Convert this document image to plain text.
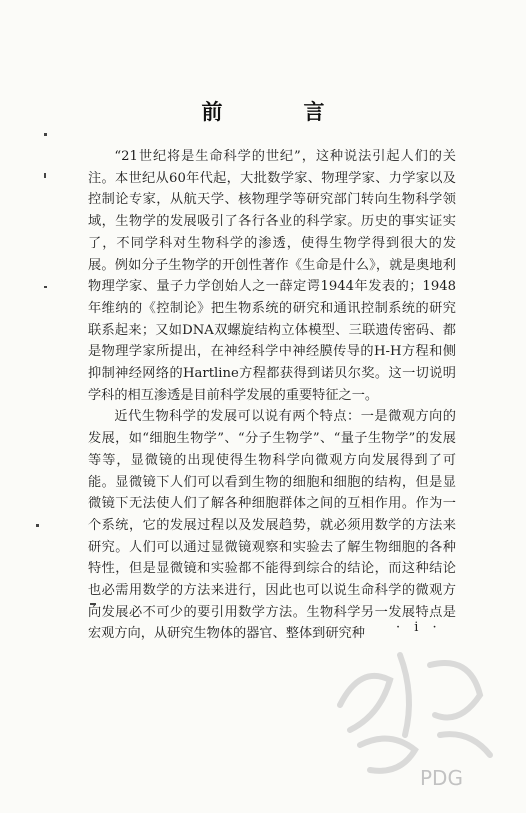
前　言

“21世纪将是生命科学的世纪”，这种说法引起人们的关注。本世纪从60年代起，大批数学家、物理学家、力学家以及控制论专家，从航天学、核物理学等研究部门转向生物科学领域，生物学的发展吸引了各行各业的科学家。历史的事实证实了，不同学科对生物科学的渗透，使得生物学得到很大的发展。例如分子生物学的开创性著作《生命是什么》，就是奥地利物理学家、量子力学创始人之一薛定谔1944年发表的；1948年维纳的《控制论》把生物系统的研究和通讯控制系统的研究联系起来；又如DNA双螺旋结构立体模型、三联遗传密码、都是物理学家所提出，在神经科学中神经膜传导的H-H方程和侧抑制神经网络的Hartline方程都获得到诺贝尔奖。这一切说明学科的相互渗透是目前科学发展的重要特征之一。

近代生物科学的发展可以说有两个特点：一是微观方向的发展，如“细胞生物学”、“分子生物学”、“量子生物学”的发展等等，显微镜的出现使得生物科学向微观方向发展得到了可能。显微镜下人们可以看到生物的细胞和细胞的结构，但是显微镜下无法使人们了解各种细胞群体之间的互相作用。作为一个系统，它的发展过程以及发展趋势，就必须用数学的方法来研究。人们可以通过显微镜观察和实验去了解生物细胞的各种特性，但是显微镜和实验都不能得到综合的结论，而这种结论也必需用数学的方法来进行，因此也可以说生命科学的微观方向发展必不可少的要引用数学方法。生物科学另一发展特点是宏观方向，从研究生物体的器官、整体到研究种	· i ·
PDG
